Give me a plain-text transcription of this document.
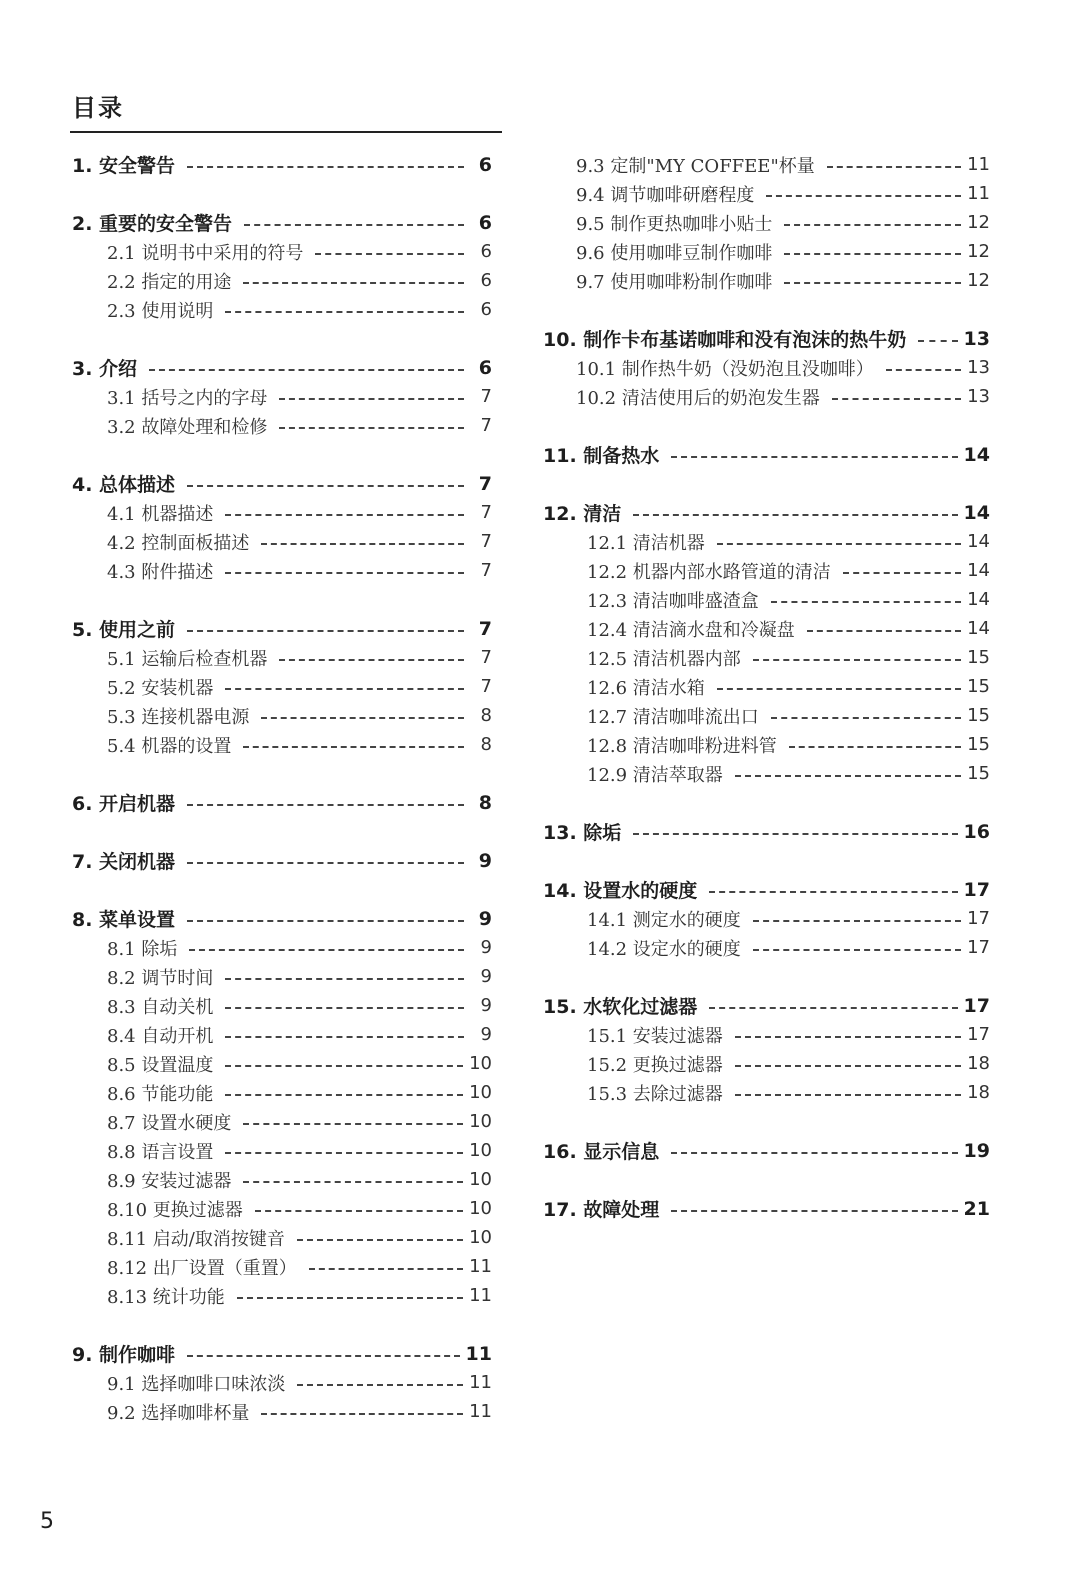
目录
1. 安全警告	6
2. 重要的安全警告	6
2.1 说明书中采用的符号	6
2.2 指定的用途	6
2.3 使用说明	6
3. 介绍	6
3.1 括号之内的字母	7
3.2 故障处理和检修	7
4. 总体描述	7
4.1 机器描述	7
4.2 控制面板描述	7
4.3 附件描述	7
5. 使用之前	7
5.1 运输后检查机器	7
5.2 安装机器	7
5.3 连接机器电源	8
5.4 机器的设置	8
6. 开启机器	8
7. 关闭机器	9
8. 菜单设置	9
8.1 除垢	9
8.2 调节时间	9
8.3 自动关机	9
8.4 自动开机	9
8.5 设置温度	10
8.6 节能功能	10
8.7 设置水硬度	10
8.8 语言设置	10
8.9 安装过滤器	10
8.10 更换过滤器	10
8.11 启动/取消按键音	10
8.12 出厂设置（重置）	11
8.13 统计功能	11
9. 制作咖啡	11
9.1 选择咖啡口味浓淡	11
9.2 选择咖啡杯量	11
9.3 定制"MY COFFEE"杯量	11
9.4 调节咖啡研磨程度	11
9.5 制作更热咖啡小贴士	12
9.6 使用咖啡豆制作咖啡	12
9.7 使用咖啡粉制作咖啡	12
10. 制作卡布基诺咖啡和没有泡沫的热牛奶	13
10.1 制作热牛奶（没奶泡且没咖啡）	13
10.2 清洁使用后的奶泡发生器	13
11. 制备热水	14
12. 清洁	14
12.1 清洁机器	14
12.2 机器内部水路管道的清洁	14
12.3 清洁咖啡盛渣盒	14
12.4 清洁滴水盘和冷凝盘	14
12.5 清洁机器内部	15
12.6 清洁水箱	15
12.7 清洁咖啡流出口	15
12.8 清洁咖啡粉进料管	15
12.9 清洁萃取器	15
13. 除垢	16
14. 设置水的硬度	17
14.1 测定水的硬度	17
14.2 设定水的硬度	17
15. 水软化过滤器	17
15.1 安装过滤器	17
15.2 更换过滤器	18
15.3 去除过滤器	18
16. 显示信息	19
17. 故障处理	21
5
